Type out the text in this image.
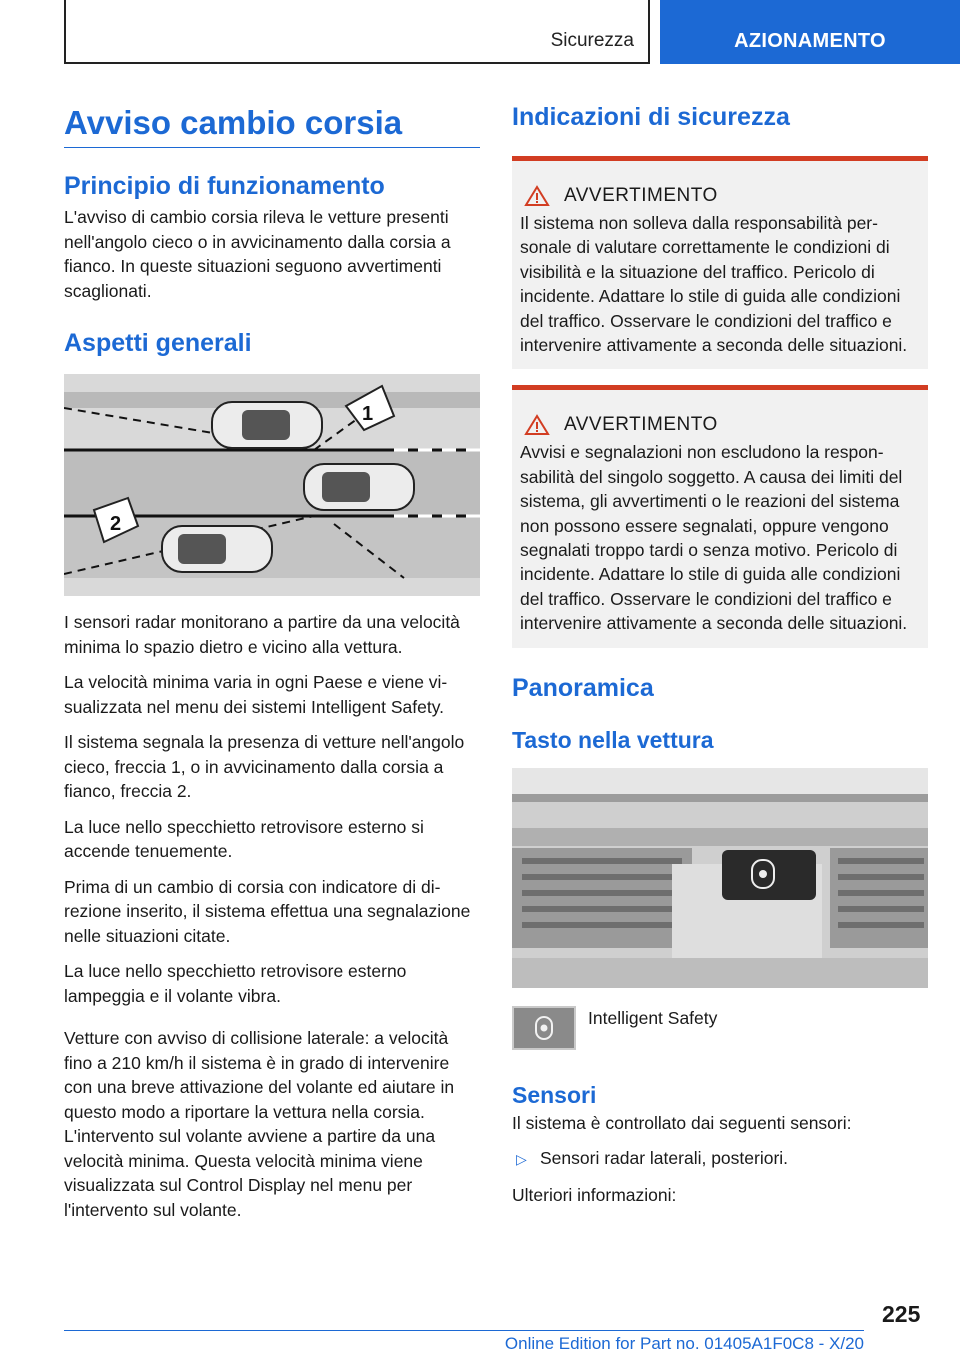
Sicurezza	AZIONAMENTO
Avviso cambio corsia
Principio di funzionamento

L'avviso di cambio corsia rileva le vetture presenti nell'angolo cieco o in avvicinamento dalla corsia a fianco. In queste situazioni seguono avvertimenti scaglionati.

Aspetti generali
1
2

I sensori radar monitorano a partire da una velocità minima lo spazio dietro e vicino alla vettura.

La velocità minima varia in ogni Paese e viene visualizzata nel menu dei sistemi Intelligent Safety.

Il sistema segnala la presenza di vetture nell'angolo cieco, freccia 1, o in avvicinamento dalla corsia a fianco, freccia 2.

La luce nello specchietto retrovisore esterno si accende tenuemente.

Prima di un cambio di corsia con indicatore di direzione inserito, il sistema effettua una segnalazione nelle situazioni citate.

La luce nello specchietto retrovisore esterno lampeggia e il volante vibra.

Vetture con avviso di collisione laterale: a velocità fino a 210 km/h il sistema è in grado di intervenire con una breve attivazione del volante ed aiutare in questo modo a riportare la vettura nella corsia. L'intervento sul volante avviene a partire da una velocità minima. Questa velocità minima viene visualizzata sul Control Display nel menu per l'intervento sul volante.

Indicazioni di sicurezza
AVVERTIMENTO

Il sistema non solleva dalla responsabilità personale di valutare correttamente le condizioni di visibilità e la situazione del traffico. Pericolo di incidente. Adattare lo stile di guida alle condizioni del traffico. Osservare le condizioni del traffico e intervenire attivamente a seconda delle situazioni.

AVVERTIMENTO

Avvisi e segnalazioni non escludono la responsabilità del singolo soggetto. A causa dei limiti del sistema, gli avvertimenti o le reazioni del sistema non possono essere segnalati, oppure vengono segnalati troppo tardi o senza motivo. Pericolo di incidente. Adattare lo stile di guida alle condizioni del traffico. Osservare le condizioni del traffico e intervenire attivamente a seconda delle situazioni.

Panoramica
Tasto nella vettura
Intelligent Safety
Sensori

Il sistema è controllato dai seguenti sensori:

▷ Sensori radar laterali, posteriori.

Ulteriori informazioni:

225
Online Edition for Part no. 01405A1F0C8 - X/20
